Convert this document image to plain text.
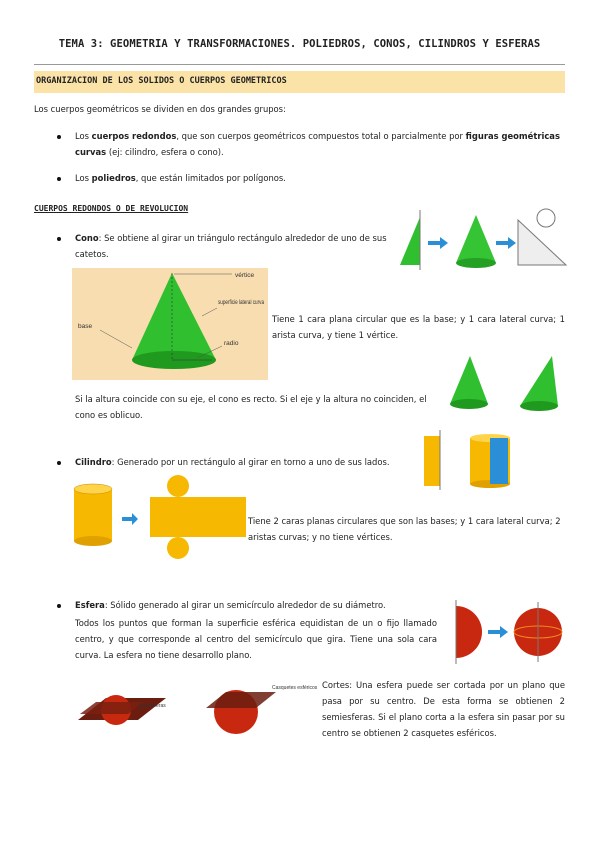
TEMA 3: GEOMETRIA Y TRANSFORMACIONES. POLIEDROS, CONOS, CILINDROS Y ESFERAS
ORGANIZACION DE LOS SOLIDOS O CUERPOS GEOMETRICOS
Los cuerpos geométricos se dividen en dos grandes grupos:
Los cuerpos redondos, que son cuerpos geométricos compuestos total o parcialmente por figuras geométricas curvas (ej: cilindro, esfera o cono).
Los poliedros, que están limitados por polígonos.
CUERPOS REDONDOS O DE REVOLUCION
Cono: Se obtiene al girar un triángulo rectángulo alrededor de uno de sus catetos.
vértice
superficie lateral curva
base
radio
Tiene 1 cara plana circular que es la base; y 1 cara lateral curva; 1 arista curva, y tiene 1 vértice.
Si la altura coincide con su eje, el cono es recto. Si el eje y la altura no coinciden, el cono es oblicuo.
Cilindro: Generado por un rectángulo al girar en torno a uno de sus lados.
Tiene 2 caras planas circulares que son las bases; y 1 cara lateral curva; 2 aristas curvas; y no tiene vértices.
Esfera: Sólido generado al girar un semicírculo alrededor de su diámetro.
Todos los puntos que forman la superficie esférica equidistan de un o fijo llamado centro, y que corresponde al centro del semicírculo que gira. Tiene una sola cara curva. La esfera no tiene desarrollo plano.
Semiesferas
Casquetes esféricos Cortes: Una esfera puede ser cortada por un plano que pasa por su centro. De esta forma se obtienen 2 semiesferas. Si el plano corta a la esfera sin pasar por su centro se obtienen 2 casquetes esféricos.
